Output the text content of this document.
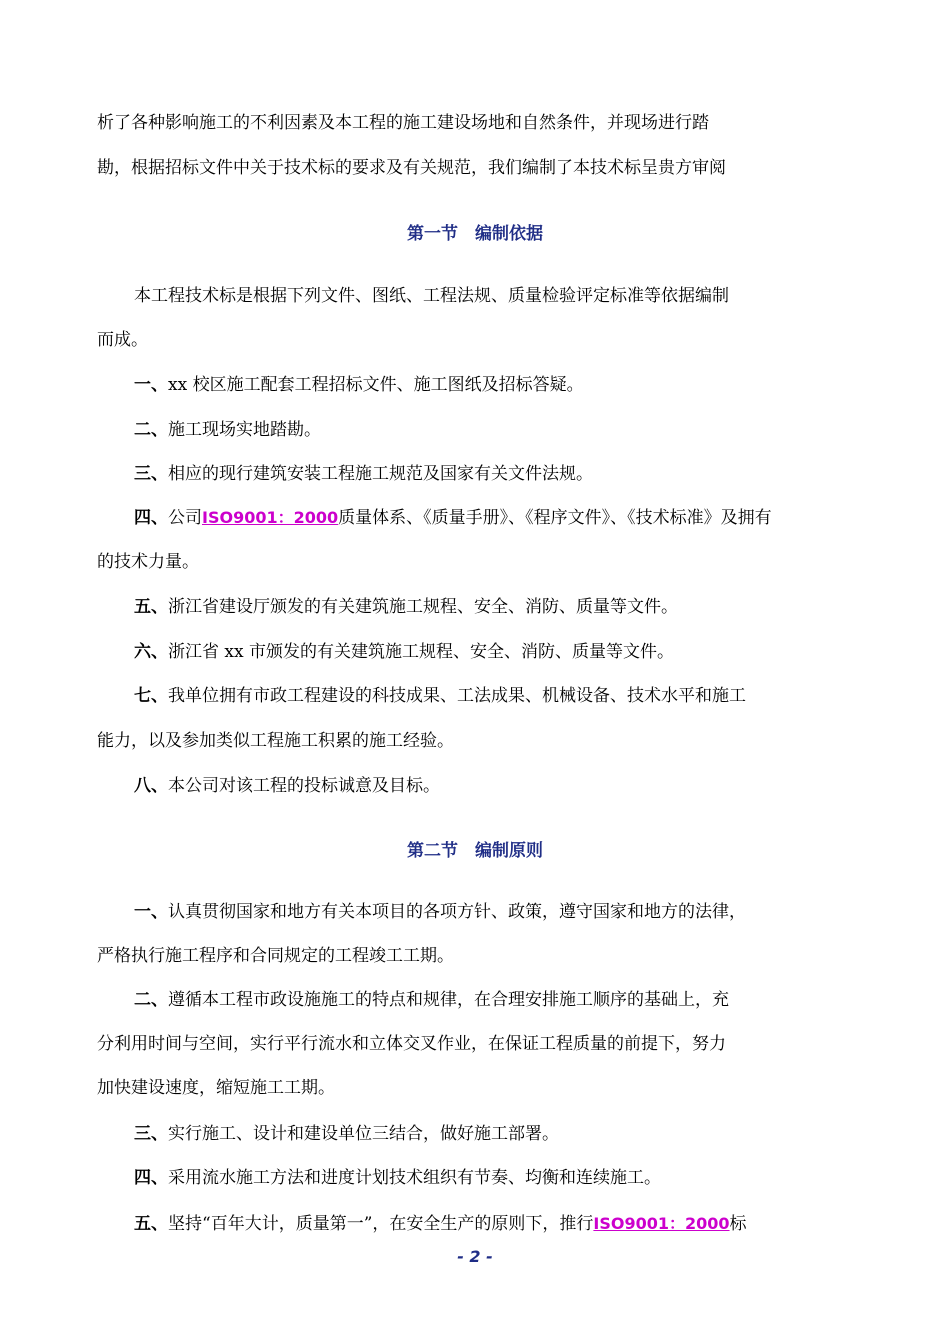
析了各种影响施工的不利因素及本工程的施工建设场地和自然条件，并现场进行踏
勘，根据招标文件中关于技术标的要求及有关规范，我们编制了本技术标呈贵方审阅
第一节　编制依据
本工程技术标是根据下列文件、图纸、工程法规、质量检验评定标准等依据编制
而成。
一、xx 校区施工配套工程招标文件、施工图纸及招标答疑。
二、施工现场实地踏勘。
三、相应的现行建筑安装工程施工规范及国家有关文件法规。
四、公司ISO9001：2000质量体系、《质量手册》、《程序文件》、《技术标准》及拥有
的技术力量。
五、浙江省建设厅颁发的有关建筑施工规程、安全、消防、质量等文件。
六、浙江省 xx 市颁发的有关建筑施工规程、安全、消防、质量等文件。
七、我单位拥有市政工程建设的科技成果、工法成果、机械设备、技术水平和施工
能力，以及参加类似工程施工积累的施工经验。
八、本公司对该工程的投标诚意及目标。
第二节　编制原则
一、认真贯彻国家和地方有关本项目的各项方针、政策，遵守国家和地方的法律，
严格执行施工程序和合同规定的工程竣工工期。
二、遵循本工程市政设施施工的特点和规律，在合理安排施工顺序的基础上，充
分利用时间与空间，实行平行流水和立体交叉作业，在保证工程质量的前提下，努力
加快建设速度，缩短施工工期。
三、实行施工、设计和建设单位三结合，做好施工部署。
四、采用流水施工方法和进度计划技术组织有节奏、均衡和连续施工。
五、坚持“百年大计，质量第一”，在安全生产的原则下，推行ISO9001：2000标
- 2 -
